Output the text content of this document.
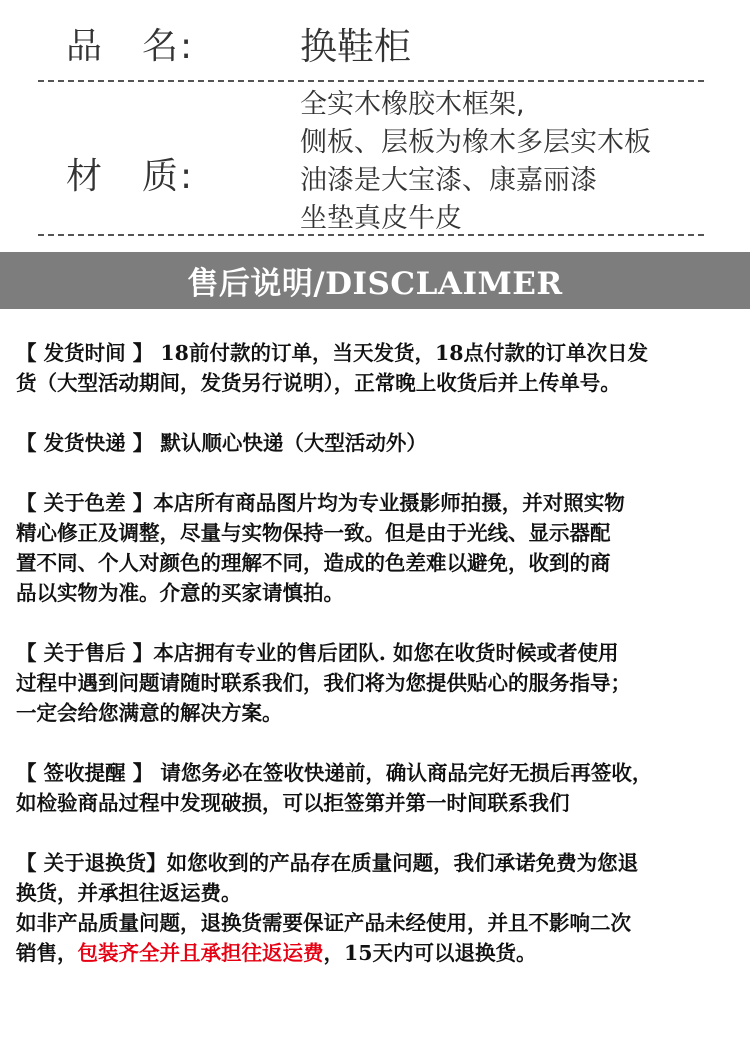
品　名:	换鞋柜
材　质:
全实木橡胶木框架,
侧板、层板为橡木多层实木板
油漆是大宝漆、康嘉丽漆
坐垫真皮牛皮
售后说明/DISCLAIMER

【 发货时间 】 18前付款的订单，当天发货，18点付款的订单次日发

货（大型活动期间，发货另行说明），正常晚上收货后并上传单号。

【 发货快递 】 默认顺心快递（大型活动外）

【 关于色差 】本店所有商品图片均为专业摄影师拍摄，并对照实物

精心修正及调整，尽量与实物保持一致。但是由于光线、显示器配

置不同、个人对颜色的理解不同，造成的色差难以避免，收到的商

品以实物为准。介意的买家请慎拍。

【 关于售后 】本店拥有专业的售后团队. 如您在收货时候或者使用

过程中遇到问题请随时联系我们，我们将为您提供贴心的服务指导；

一定会给您满意的解决方案。

【 签收提醒 】 请您务必在签收快递前，确认商品完好无损后再签收，

如检验商品过程中发现破损，可以拒签第并第一时间联系我们

【 关于退换货】如您收到的产品存在质量问题，我们承诺免费为您退

换货，并承担往返运费。

如非产品质量问题，退换货需要保证产品未经使用，并且不影响二次

销售，包装齐全并且承担往返运费，15天内可以退换货。
